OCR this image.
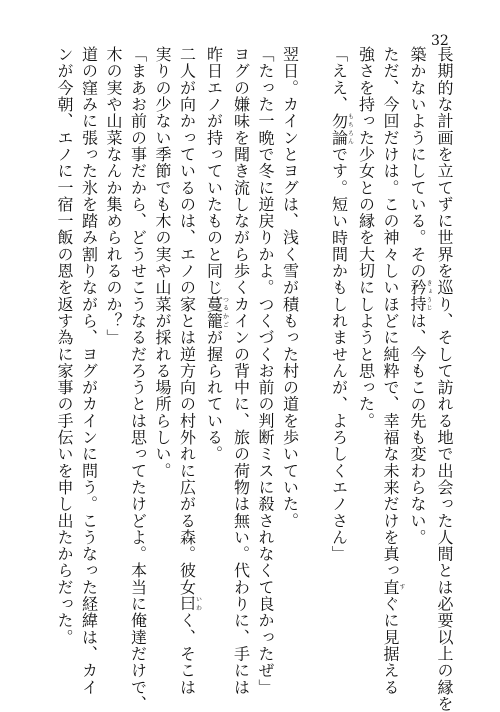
32
長期的な計画を立てずに世界を巡り、そして訪れる地で出会った人間とは必要以上の縁を
築かないようにしている。その矜持きょうじは、今もこの先も変わらない。
ただ、今回だけは。この神々しいほどに純粋で、幸福な未来だけを真っ直すぐに見据える
強さを持った少女との縁を大切にしようと思った。
「ええ、勿論もちろんです。短い時間かもしれませんが、よろしくエノさん」

翌日。カインとヨグは、浅く雪が積もった村の道を歩いていた。
「たった一晩で冬に逆戻りかよ。つくづくお前の判断ミスに殺されなくて良かったぜ」
ヨグの嫌味を聞き流しながら歩くカインの背中に、旅の荷物は無い。代わりに、手には
昨日エノが持っていたものと同じ蔓籠つるかごが握られている。
二人が向かっているのは、エノの家とは逆方向の村外れに広がる森。彼女曰いわく、そこは
実りの少ない季節でも木の実や山菜が採れる場所らしい。
「まあお前の事だから、どうせこうなるだろうとは思ってたけどよ。本当に俺達だけで、
木の実や山菜なんか集められるのか？」
道の窪みに張った氷を踏み割りながら、ヨグがカインに問う。こうなった経緯は、カイ
ンが今朝、エノに一宿一飯の恩を返す為に家事の手伝いを申し出たからだった。
